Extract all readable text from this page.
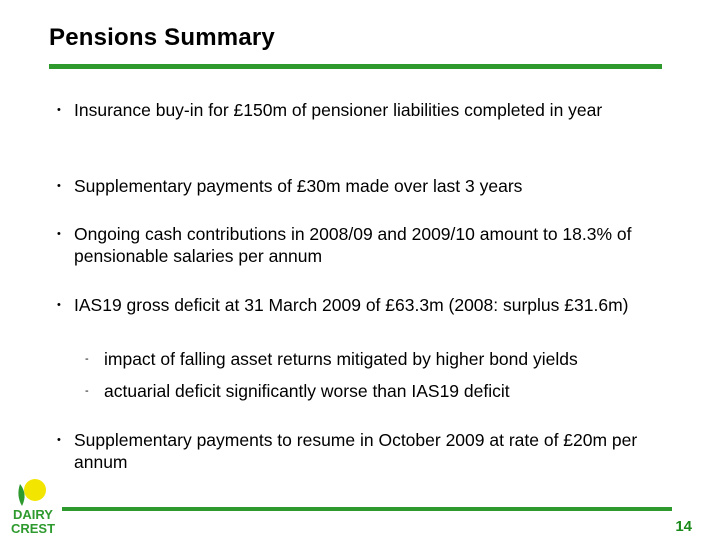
Pensions Summary
• Insurance buy-in for £150m of pensioner liabilities completed in year
• Supplementary payments of £30m made over last 3 years
• Ongoing cash contributions in 2008/09 and 2009/10 amount to 18.3% of pensionable salaries per annum
• IAS19 gross deficit at 31 March 2009 of £63.3m (2008: surplus £31.6m)
- impact of falling asset returns mitigated by higher bond yields
- actuarial deficit significantly worse than IAS19 deficit
• Supplementary payments to resume in October 2009 at rate of £20m per annum
DAIRY
CREST	14
